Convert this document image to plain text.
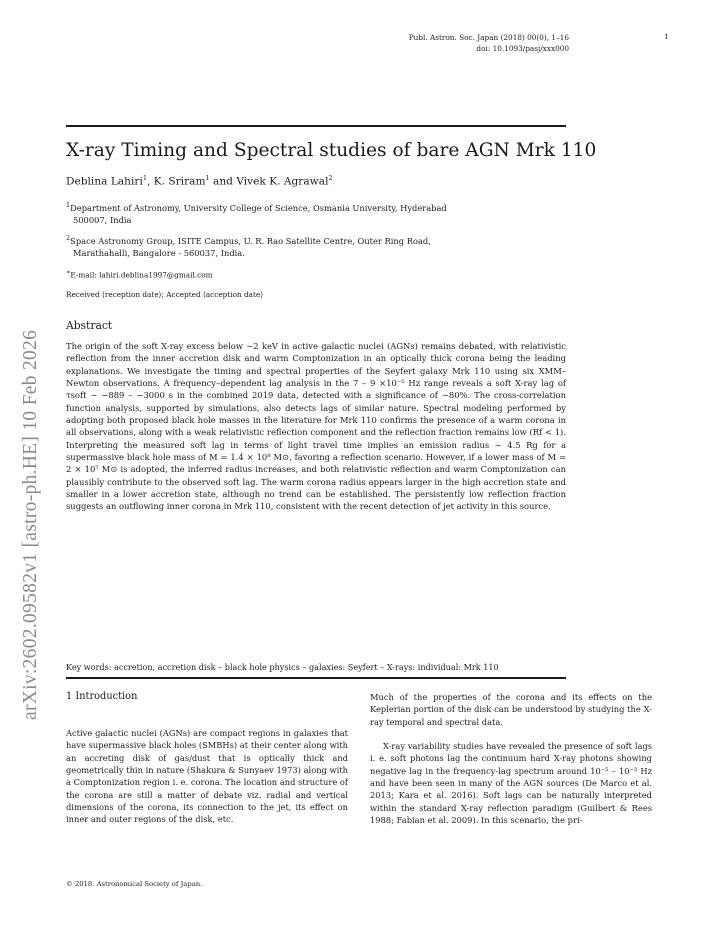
Publ. Astron. Soc. Japan (2018) 00(0), 1–16
doi: 10.1093/pasj/xxx000
1
arXiv:2602.09582v1 [astro-ph.HE] 10 Feb 2026
X-ray Timing and Spectral studies of bare AGN Mrk 110
Deblina Lahiri$^1$, K. Sriram$^1$ and Vivek K. Agrawal$^2$
$^1$Department of Astronomy, University College of Science, Osmania University, Hyderabad
500007, India
$^2$Space Astronomy Group, ISITE Campus, U. R. Rao Satellite Centre, Outer Ring Road,
Marathahalli, Bangalore - 560037, India.
∗E-mail: lahiri.deblina1997@gmail.com
Received ⟨reception date⟩; Accepted ⟨acception date⟩
Abstract

The origin of the soft X-ray excess below ∼2 keV in active galactic nuclei (AGNs) remains debated, with relativistic reflection from the inner accretion disk and warm Comptonization in an optically thick corona being the leading explanations. We investigate the timing and spectral properties of the Seyfert galaxy Mrk 110 using six XMM–Newton observations. A frequency–dependent lag analysis in the 7 – 9 ×10⁻⁵ Hz range reveals a soft X-ray lag of τsoft ∼ −889 – −3000 s in the combined 2019 data, detected with a significance of ∼80%. The cross-correlation function analysis, supported by simulations, also detects lags of similar nature. Spectral modeling performed by adopting both proposed black hole masses in the literature for Mrk 110 confirms the presence of a warm corona in all observations, along with a weak relativistic reflection component and the reflection fraction remains low (Rf < 1). Interpreting the measured soft lag in terms of light travel time implies an emission radius ∼ 4.5 Rg for a supermassive black hole mass of M = 1.4 × 10⁸ M⊙, favoring a reflection scenario. However, if a lower mass of M = 2 × 10⁷ M⊙ is adopted, the inferred radius increases, and both relativistic reflection and warm Comptonization can plausibly contribute to the observed soft lag. The warm corona radius appears larger in the high accretion state and smaller in a lower accretion state, although no trend can be established. The persistently low reflection fraction suggests an outflowing inner corona in Mrk 110, consistent with the recent detection of jet activity in this source.

Key words: accretion, accretion disk – black hole physics – galaxies: Seyfert – X-rays: individual: Mrk 110
1 Introduction

Active galactic nuclei (AGNs) are compact regions in galaxies that have supermassive black holes (SMBHs) at their center along with an accreting disk of gas/dust that is optically thick and geometrically thin in nature (Shakura & Sunyaev 1973) along with a Comptonization region i. e. corona. The location and structure of the corona are still a matter of debate viz. radial and vertical dimensions of the corona, its connection to the jet, its effect on inner and outer regions of the disk, etc.

Much of the properties of the corona and its effects on the Keplerian portion of the disk can be understood by studying the X-ray temporal and spectral data.

X-ray variability studies have revealed the presence of soft lags i. e. soft photons lag the continuum hard X-ray photons showing negative lag in the frequency-lag spectrum around 10⁻⁵ – 10⁻³ Hz and have been seen in many of the AGN sources (De Marco et al. 2013; Kara et al. 2016). Soft lags can be naturally interpreted within the standard X-ray reflection paradigm (Guilbert & Rees 1988; Fabian et al. 2009). In this scenario, the pri-

© 2018. Astronomical Society of Japan.
